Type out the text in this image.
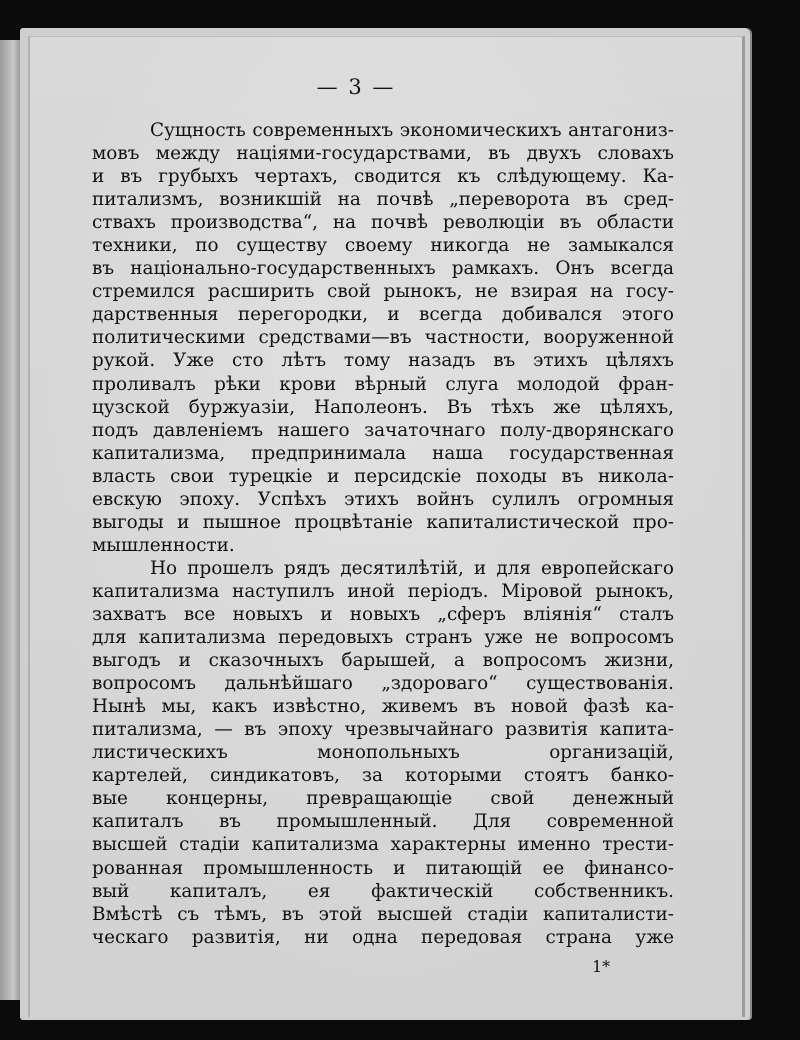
— 3 —
Сущность современныхъ экономическихъ антагониз-
мовъ между націями-государствами, въ двухъ словахъ
и въ грубыхъ чертахъ, сводится къ слѣдующему. Ка-
питализмъ, возникшій на почвѣ „переворота въ сред-
ствахъ производства“, на почвѣ революціи въ области
техники, по существу своему никогда не замыкался
въ національно-государственныхъ рамкахъ. Онъ всегда
стремился расширить свой рынокъ, не взирая на госу-
дарственныя перегородки, и всегда добивался этого
политическими средствами—въ частности, вооруженной
рукой. Уже сто лѣтъ тому назадъ въ этихъ цѣляхъ
проливалъ рѣки крови вѣрный слуга молодой фран-
цузской буржуазіи, Наполеонъ. Въ тѣхъ же цѣляхъ,
подъ давленіемъ нашего зачаточнаго полу-дворянскаго
капитализма, предпринимала наша государственная
власть свои турецкіе и персидскіе походы въ никола-
евскую эпоху. Успѣхъ этихъ войнъ сулилъ огромныя
выгоды и пышное процвѣтаніе капиталистической про-
мышленности.
Но прошелъ рядъ десятилѣтій, и для европейскаго
капитализма наступилъ иной періодъ. Міровой рынокъ,
захватъ все новыхъ и новыхъ „сферъ вліянія“ сталъ
для капитализма передовыхъ странъ уже не вопросомъ
выгодъ и сказочныхъ барышей, а вопросомъ жизни,
вопросомъ дальнѣйшаго „здороваго“ существованія.
Нынѣ мы, какъ извѣстно, живемъ въ новой фазѣ ка-
питализма, — въ эпоху чрезвычайнаго развитія капита-
листическихъ монопольныхъ организацій,
картелей, синдикатовъ, за которыми стоятъ банко-
вые концерны, превращающіе свой денежный
капиталъ въ промышленный. Для современной
высшей стадіи капитализма характерны именно трести-
рованная промышленность и питающій ее финансо-
вый капиталъ, ея фактическій собственникъ.
Вмѣстѣ съ тѣмъ, въ этой высшей стадіи капиталисти-
ческаго развитія, ни одна передовая страна уже
1*
